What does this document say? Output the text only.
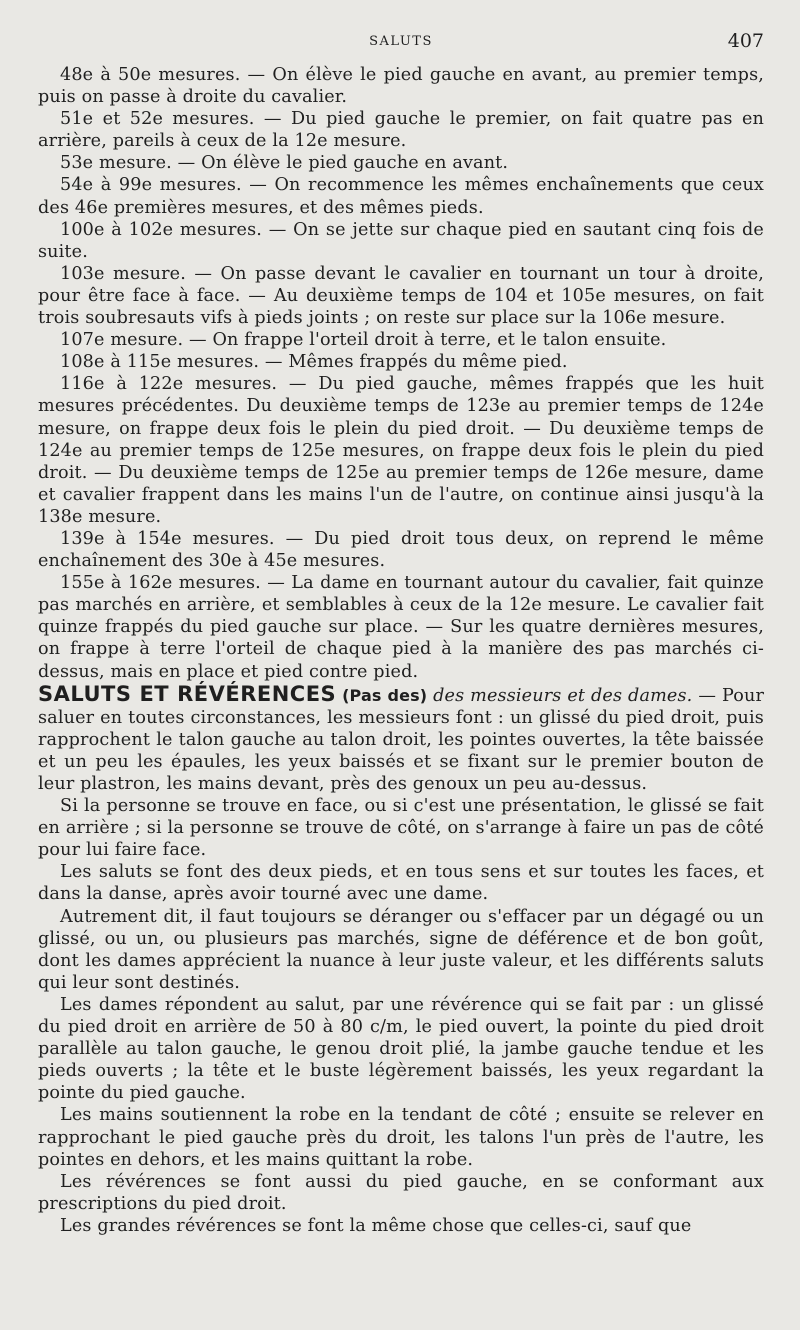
SALUTS	407

48e à 50e mesures. — On élève le pied gauche en avant, au premier temps, puis on passe à droite du cavalier.

51e et 52e mesures. — Du pied gauche le premier, on fait quatre pas en arrière, pareils à ceux de la 12e mesure.

53e mesure. — On élève le pied gauche en avant.

54e à 99e mesures. — On recommence les mêmes enchaînements que ceux des 46e premières mesures, et des mêmes pieds.

100e à 102e mesures. — On se jette sur chaque pied en sautant cinq fois de suite.

103e mesure. — On passe devant le cavalier en tournant un tour à droite, pour être face à face. — Au deuxième temps de 104 et 105e mesures, on fait trois soubresauts vifs à pieds joints ; on reste sur place sur la 106e mesure.

107e mesure. — On frappe l'orteil droit à terre, et le talon ensuite.

108e à 115e mesures. — Mêmes frappés du même pied.

116e à 122e mesures. — Du pied gauche, mêmes frappés que les huit mesures précédentes. Du deuxième temps de 123e au premier temps de 124e mesure, on frappe deux fois le plein du pied droit. — Du deuxième temps de 124e au premier temps de 125e mesures, on frappe deux fois le plein du pied droit. — Du deuxième temps de 125e au premier temps de 126e mesure, dame et cavalier frappent dans les mains l'un de l'autre, on continue ainsi jusqu'à la 138e mesure.

139e à 154e mesures. — Du pied droit tous deux, on reprend le même enchaînement des 30e à 45e mesures.

155e à 162e mesures. — La dame en tournant autour du cavalier, fait quinze pas marchés en arrière, et semblables à ceux de la 12e mesure. Le cavalier fait quinze frappés du pied gauche sur place. — Sur les quatre dernières mesures, on frappe à terre l'orteil de chaque pied à la manière des pas marchés ci-dessus, mais en place et pied contre pied.

SALUTS ET RÉVÉRENCES (Pas des) des messieurs et des dames. — Pour saluer en toutes circonstances, les messieurs font : un glissé du pied droit, puis rapprochent le talon gauche au talon droit, les pointes ouvertes, la tête baissée et un peu les épaules, les yeux baissés et se fixant sur le premier bouton de leur plastron, les mains devant, près des genoux un peu au-dessus.

Si la personne se trouve en face, ou si c'est une présentation, le glissé se fait en arrière ; si la personne se trouve de côté, on s'arrange à faire un pas de côté pour lui faire face.

Les saluts se font des deux pieds, et en tous sens et sur toutes les faces, et dans la danse, après avoir tourné avec une dame.

Autrement dit, il faut toujours se déranger ou s'effacer par un dégagé ou un glissé, ou un, ou plusieurs pas marchés, signe de déférence et de bon goût, dont les dames apprécient la nuance à leur juste valeur, et les différents saluts qui leur sont destinés.

Les dames répondent au salut, par une révérence qui se fait par : un glissé du pied droit en arrière de 50 à 80 c/m, le pied ouvert, la pointe du pied droit parallèle au talon gauche, le genou droit plié, la jambe gauche tendue et les pieds ouverts ; la tête et le buste légèrement baissés, les yeux regardant la pointe du pied gauche.

Les mains soutiennent la robe en la tendant de côté ; ensuite se relever en rapprochant le pied gauche près du droit, les talons l'un près de l'autre, les pointes en dehors, et les mains quittant la robe.

Les révérences se font aussi du pied gauche, en se conformant aux prescriptions du pied droit.

Les grandes révérences se font la même chose que celles-ci, sauf que
